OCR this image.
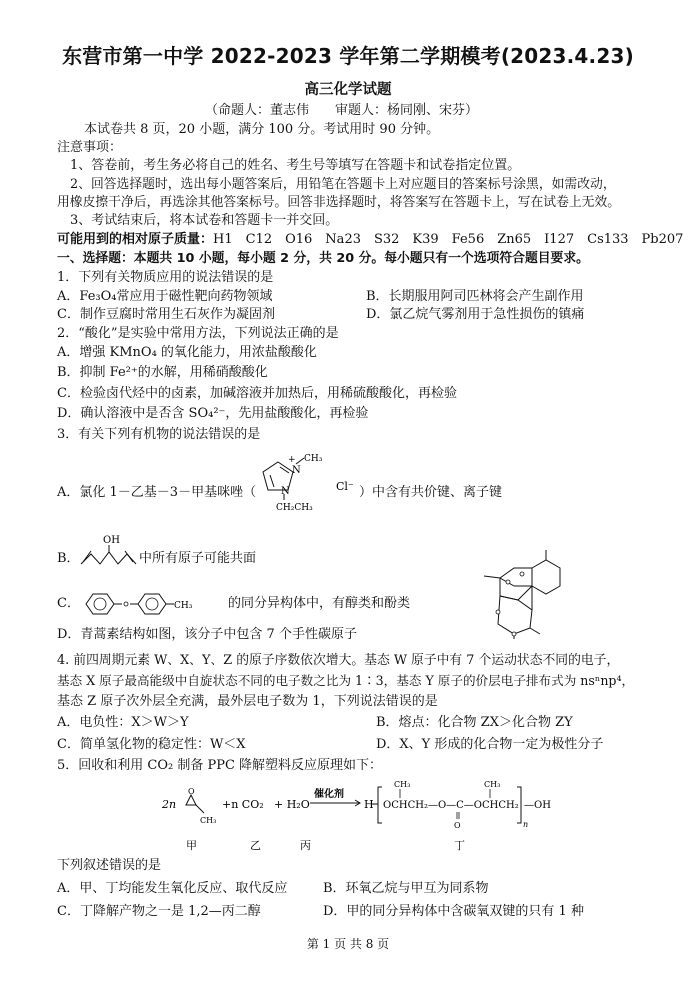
东营市第一中学 2022-2023 学年第二学期模考(2023.4.23)
高三化学试题
（命题人：董志伟　　审题人：杨同刚、宋芬）
本试卷共 8 页，20 小题，满分 100 分。考试用时 90 分钟。
注意事项：
1、答卷前，考生务必将自己的姓名、考生号等填写在答题卡和试卷指定位置。
2、回答选择题时，选出每小题答案后，用铅笔在答题卡上对应题目的答案标号涂黑，如需改动，
用橡皮擦干净后，再选涂其他答案标号。回答非选择题时，将答案写在答题卡上，写在试卷上无效。
3、考试结束后，将本试卷和答题卡一并交回。
可能用到的相对原子质量：H1　C12　O16　Na23　S32　K39　Fe56　Zn65　I127　Cs133　Pb207
一、选择题：本题共 10 小题，每小题 2 分，共 20 分。每小题只有一个选项符合题目要求。
1．下列有关物质应用的说法错误的是
A．Fe₃O₄常应用于磁性靶向药物领域	B．长期服用阿司匹林将会产生副作用
C．制作豆腐时常用生石灰作为凝固剂	D．氯乙烷气雾剂用于急性损伤的镇痛
2．“酸化”是实验中常用方法，下列说法正确的是
A．增强 KMnO₄ 的氧化能力，用浓盐酸酸化
B．抑制 Fe²⁺的水解，用稀硝酸酸化
C．检验卤代烃中的卤素，加碱溶液并加热后，用稀硫酸酸化，再检验
D．确认溶液中是否含 SO₄²⁻，先用盐酸酸化，再检验
3．有关下列有机物的说法错误的是
A．氯化 1－乙基－3－甲基咪唑（
N
+ CH₃
N
CH₂CH₃
Cl⁻ ）中含有共价键、离子键
B．
OH
中所有原子可能共面
C．	CH₃	的同分异构体中，有醇类和酚类
D．青蒿素结构如图，该分子中包含 7 个手性碳原子
4. 前四周期元素 W、X、Y、Z 的原子序数依次增大。基态 W 原子中有 7 个运动状态不同的电子，
基态 X 原子最高能级中自旋状态不同的电子数之比为 1∶3，基态 Y 原子的价层电子排布式为 nsⁿnp⁴，
基态 Z 原子次外层全充满，最外层电子数为 1，下列说法错误的是
A．电负性：X＞W＞Y	B．熔点：化合物 ZX＞化合物 ZY
C．简单氢化物的稳定性：W＜X	D．X、Y 形成的化合物一定为极性分子
5．回收和利用 CO₂ 制备 PPC 降解塑料反应原理如下：
2n
O
CH₃
+n CO₂ + H₂O
催化剂
H OCHCH₂—O—C—OCHCH₂
CH₃	CH₃
O	n
—OH
甲	乙	丙	丁
下列叙述错误的是
A．甲、丁均能发生氧化反应、取代反应	B．环氧乙烷与甲互为同系物
C．丁降解产物之一是 1,2—丙二醇	D．甲的同分异构体中含碳氧双键的只有 1 种
第 1 页 共 8 页
